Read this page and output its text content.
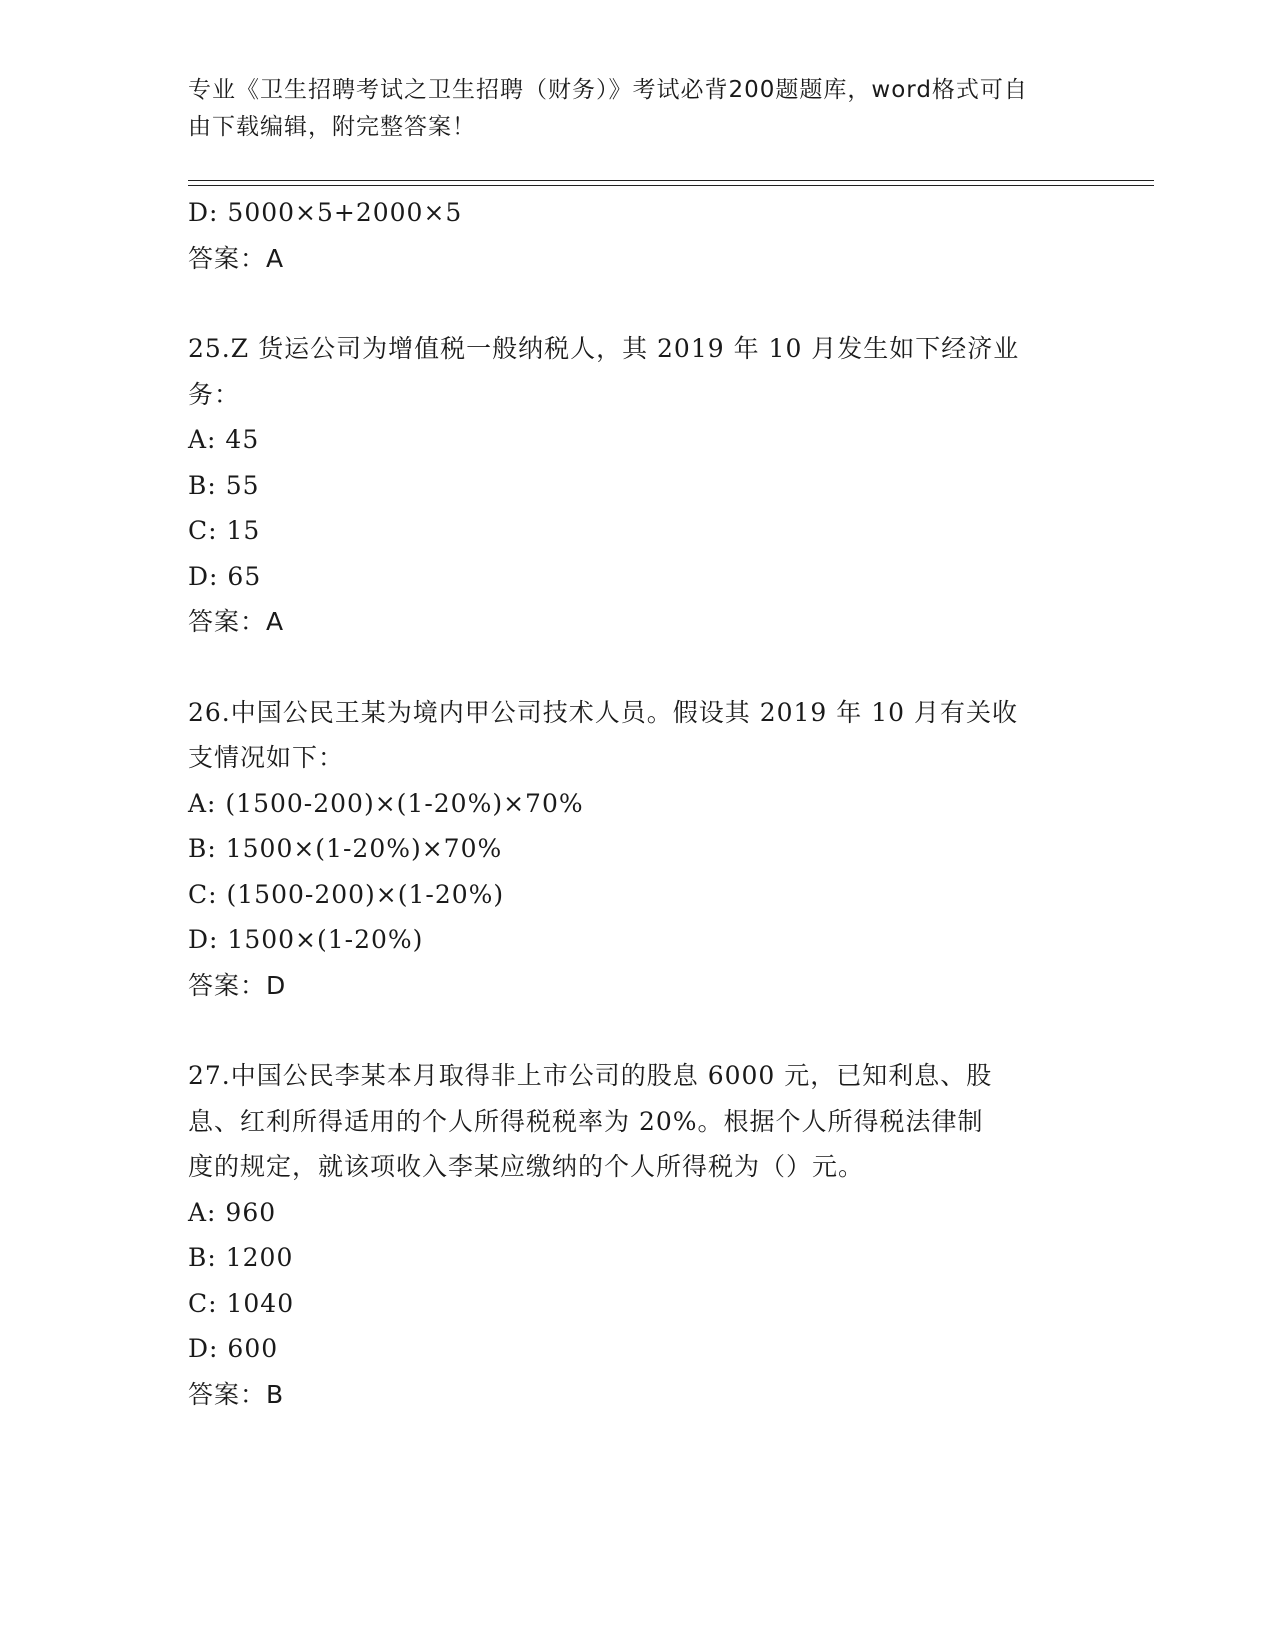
专业《卫生招聘考试之卫生招聘（财务）》考试必背200题题库，word格式可自
由下载编辑，附完整答案！
D: 5000×5+2000×5
答案：A
25.Z 货运公司为增值税一般纳税人，其 2019 年 10 月发生如下经济业
务：
A: 45
B: 55
C: 15
D: 65
答案：A
26.中国公民王某为境内甲公司技术人员。假设其 2019 年 10 月有关收
支情况如下：
A: (1500-200)×(1-20%)×70%
B: 1500×(1-20%)×70%
C: (1500-200)×(1-20%)
D: 1500×(1-20%)
答案：D
27.中国公民李某本月取得非上市公司的股息 6000 元，已知利息、股
息、红利所得适用的个人所得税税率为 20%。根据个人所得税法律制
度的规定，就该项收入李某应缴纳的个人所得税为（）元。
A: 960
B: 1200
C: 1040
D: 600
答案：B
